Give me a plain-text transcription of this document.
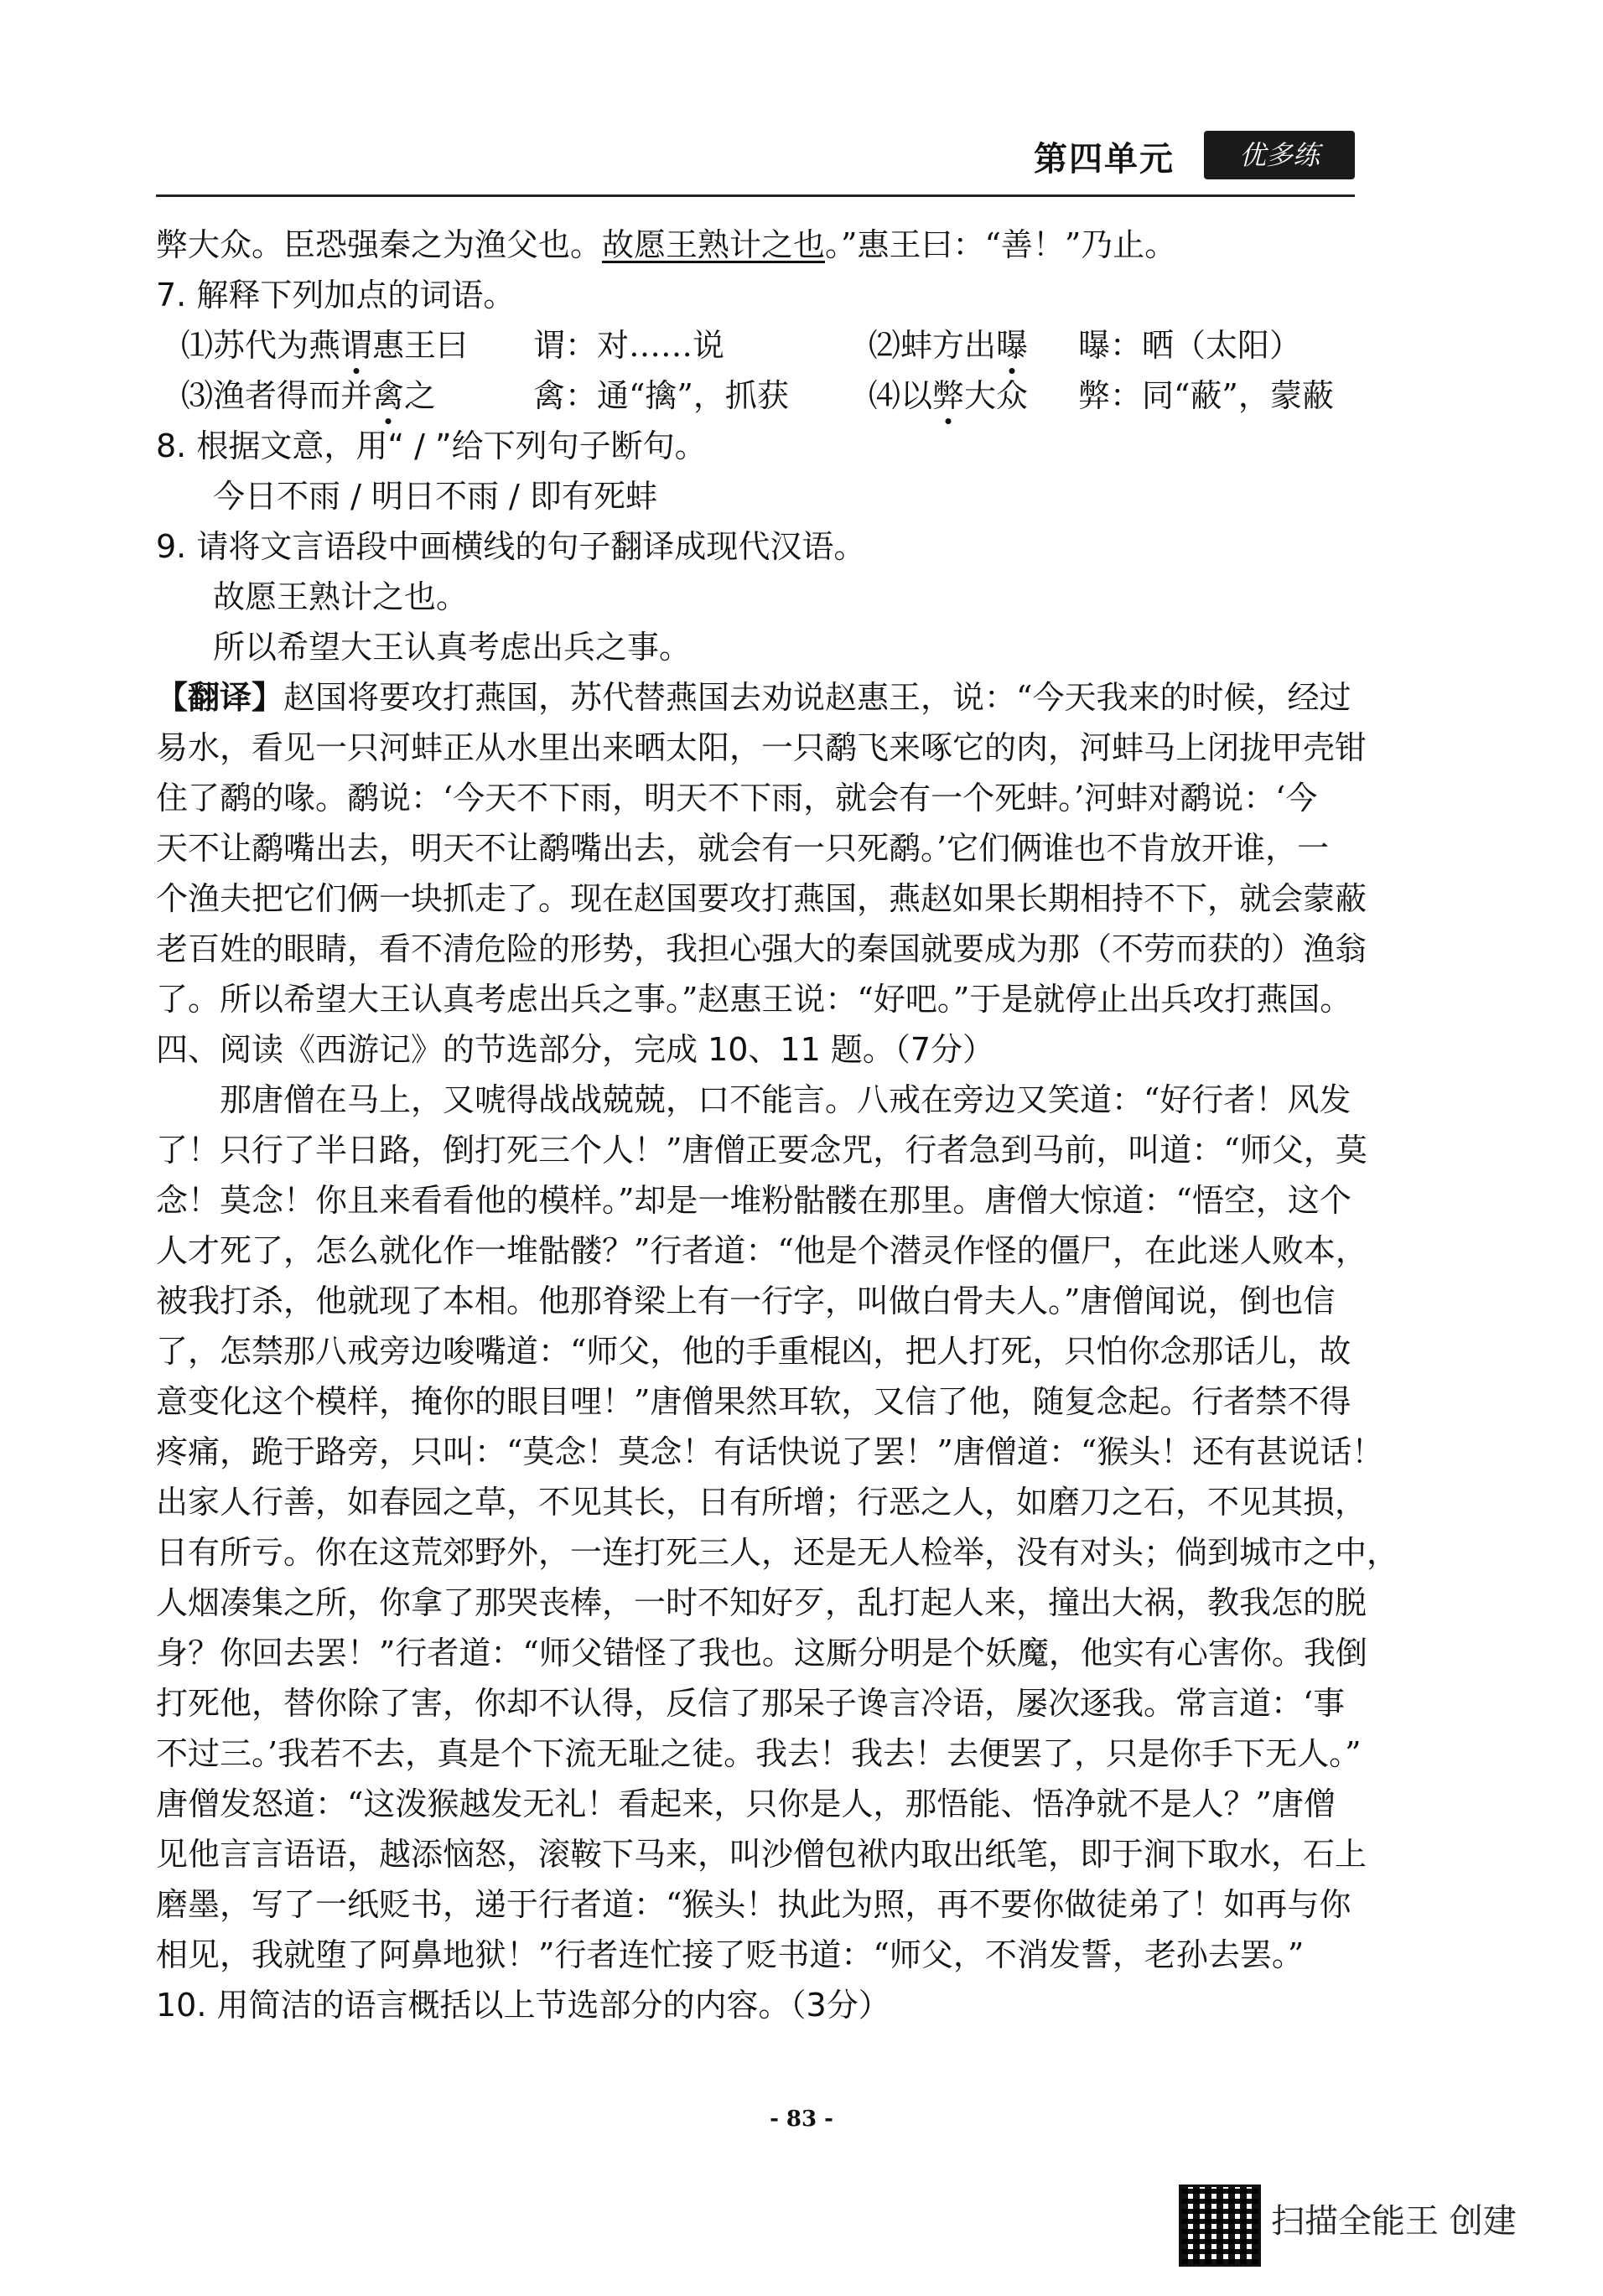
第四单元	优多练
弊大众。臣恐强秦之为渔父也。故愿王熟计之也。”惠王曰：“善！”乃止。
7. 解释下列加点的词语。
⑴苏代为燕谓惠王曰	谓：对……说	⑵蚌方出曝	曝：晒（太阳）
⑶渔者得而并禽之	禽：通“擒”，抓获	⑷以弊大众	弊：同“蔽”，蒙蔽
8. 根据文意，用“ / ”给下列句子断句。
今日不雨 / 明日不雨 / 即有死蚌
9. 请将文言语段中画横线的句子翻译成现代汉语。
故愿王熟计之也。
所以希望大王认真考虑出兵之事。
【翻译】赵国将要攻打燕国，苏代替燕国去劝说赵惠王，说：“今天我来的时候，经过
易水，看见一只河蚌正从水里出来晒太阳，一只鹬飞来啄它的肉，河蚌马上闭拢甲壳钳
住了鹬的喙。鹬说：‘今天不下雨，明天不下雨，就会有一个死蚌。’河蚌对鹬说：‘今
天不让鹬嘴出去，明天不让鹬嘴出去，就会有一只死鹬。’它们俩谁也不肯放开谁，一
个渔夫把它们俩一块抓走了。现在赵国要攻打燕国，燕赵如果长期相持不下，就会蒙蔽
老百姓的眼睛，看不清危险的形势，我担心强大的秦国就要成为那（不劳而获的）渔翁
了。所以希望大王认真考虑出兵之事。”赵惠王说：“好吧。”于是就停止出兵攻打燕国。
四、阅读《西游记》的节选部分，完成 10、11 题。（7分）
那唐僧在马上，又唬得战战兢兢，口不能言。八戒在旁边又笑道：“好行者！风发
了！只行了半日路，倒打死三个人！”唐僧正要念咒，行者急到马前，叫道：“师父，莫
念！莫念！你且来看看他的模样。”却是一堆粉骷髅在那里。唐僧大惊道：“悟空，这个
人才死了，怎么就化作一堆骷髅？”行者道：“他是个潜灵作怪的僵尸，在此迷人败本，
被我打杀，他就现了本相。他那脊梁上有一行字，叫做白骨夫人。”唐僧闻说，倒也信
了，怎禁那八戒旁边唆嘴道：“师父，他的手重棍凶，把人打死，只怕你念那话儿，故
意变化这个模样，掩你的眼目哩！”唐僧果然耳软，又信了他，随复念起。行者禁不得
疼痛，跪于路旁，只叫：“莫念！莫念！有话快说了罢！”唐僧道：“猴头！还有甚说话！
出家人行善，如春园之草，不见其长，日有所增；行恶之人，如磨刀之石，不见其损，
日有所亏。你在这荒郊野外，一连打死三人，还是无人检举，没有对头；倘到城市之中，
人烟凑集之所，你拿了那哭丧棒，一时不知好歹，乱打起人来，撞出大祸，教我怎的脱
身？你回去罢！”行者道：“师父错怪了我也。这厮分明是个妖魔，他实有心害你。我倒
打死他，替你除了害，你却不认得，反信了那呆子谗言冷语，屡次逐我。常言道：‘事
不过三。’我若不去，真是个下流无耻之徒。我去！我去！去便罢了，只是你手下无人。”
唐僧发怒道：“这泼猴越发无礼！看起来，只你是人，那悟能、悟净就不是人？”唐僧
见他言言语语，越添恼怒，滚鞍下马来，叫沙僧包袱内取出纸笔，即于涧下取水，石上
磨墨，写了一纸贬书，递于行者道：“猴头！执此为照，再不要你做徒弟了！如再与你
相见，我就堕了阿鼻地狱！”行者连忙接了贬书道：“师父，不消发誓，老孙去罢。”
10. 用简洁的语言概括以上节选部分的内容。（3分）
- 83 -
扫描全能王 创建
